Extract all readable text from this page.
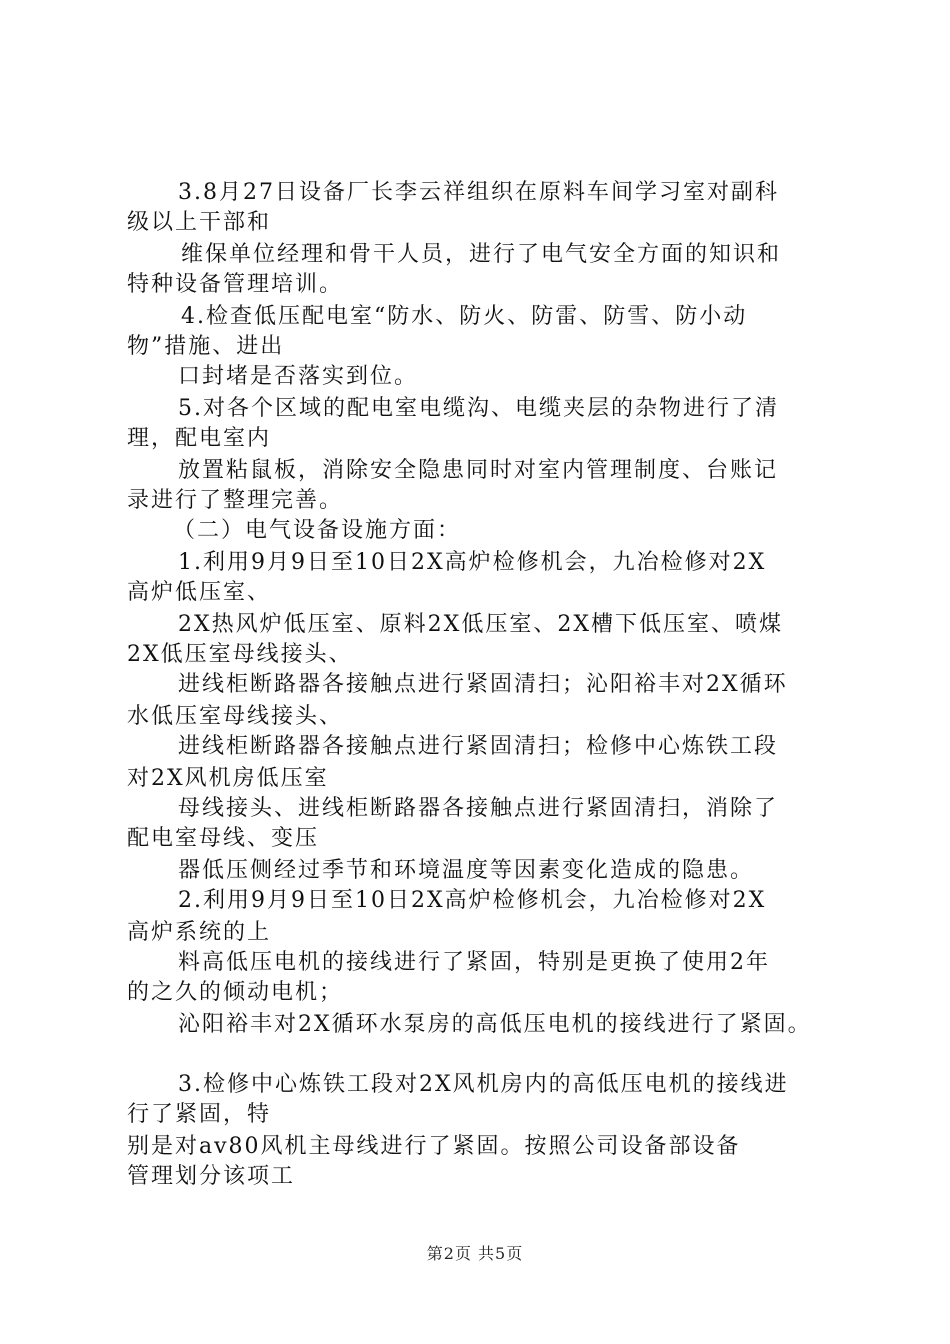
3.8月27日设备厂长李云祥组织在原料车间学习室对副科
级以上干部和
维保单位经理和骨干人员，进行了电气安全方面的知识和
特种设备管理培训。
4.检查低压配电室“防水、防火、防雷、防雪、防小动
物”措施、进出
口封堵是否落实到位。
5.对各个区域的配电室电缆沟、电缆夹层的杂物进行了清
理，配电室内
放置粘鼠板，消除安全隐患同时对室内管理制度、台账记
录进行了整理完善。
（二）电气设备设施方面：
1.利用9月9日至10日2X高炉检修机会，九冶检修对2X
高炉低压室、
2X热风炉低压室、原料2X低压室、2X槽下低压室、喷煤
2X低压室母线接头、
进线柜断路器各接触点进行紧固清扫；沁阳裕丰对2X循环
水低压室母线接头、
进线柜断路器各接触点进行紧固清扫；检修中心炼铁工段
对2X风机房低压室
母线接头、进线柜断路器各接触点进行紧固清扫，消除了
配电室母线、变压
器低压侧经过季节和环境温度等因素变化造成的隐患。
2.利用9月9日至10日2X高炉检修机会，九冶检修对2X
高炉系统的上
料高低压电机的接线进行了紧固，特别是更换了使用2年
的之久的倾动电机；
沁阳裕丰对2X循环水泵房的高低压电机的接线进行了紧固。
3.检修中心炼铁工段对2X风机房内的高低压电机的接线进
行了紧固，特
别是对av80风机主母线进行了紧固。按照公司设备部设备
管理划分该项工
第2页 共5页
